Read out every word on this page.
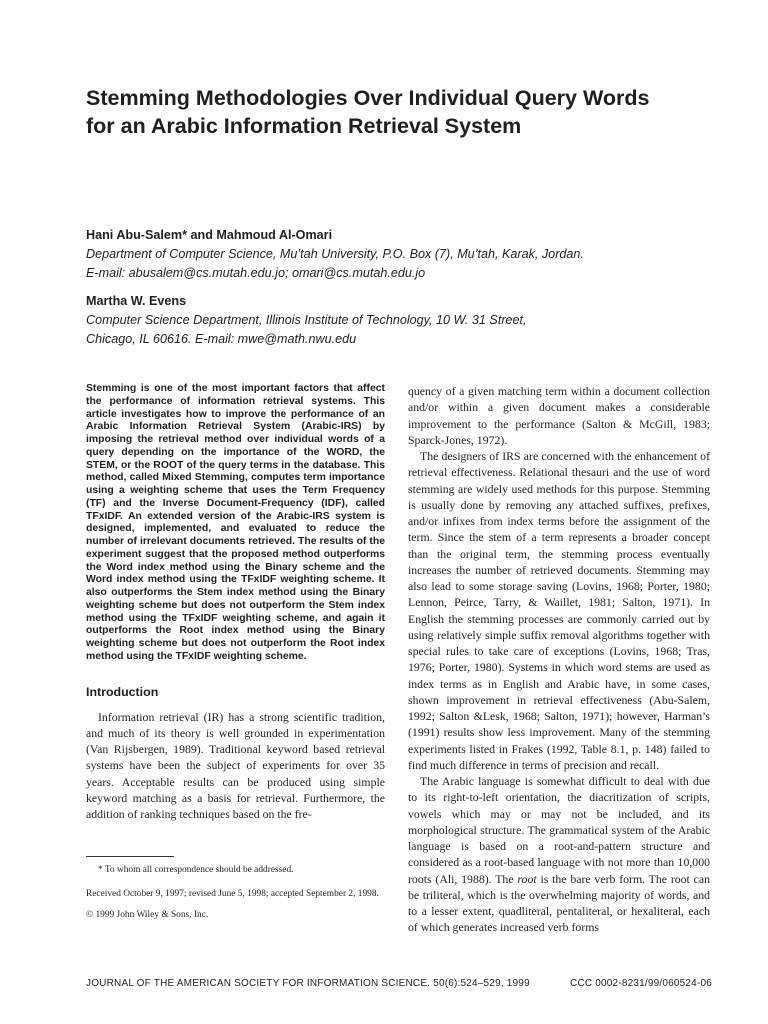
Stemming Methodologies Over Individual Query Words
for an Arabic Information Retrieval System
Hani Abu-Salem* and Mahmoud Al-Omari
Department of Computer Science, Mu’tah University, P.O. Box (7), Mu’tah, Karak, Jordan.
E-mail: abusalem@cs.mutah.edu.jo; omari@cs.mutah.edu.jo
Martha W. Evens
Computer Science Department, Illinois Institute of Technology, 10 W. 31 Street,
Chicago, IL 60616. E-mail: mwe@math.nwu.edu

Stemming is one of the most important factors that affect the performance of information retrieval systems. This article investigates how to improve the performance of an Arabic Information Retrieval System (Arabic-IRS) by imposing the retrieval method over individual words of a query depending on the importance of the WORD, the STEM, or the ROOT of the query terms in the database. This method, called Mixed Stemming, computes term importance using a weighting scheme that uses the Term Frequency (TF) and the Inverse Document-Frequency (IDF), called TFxIDF. An extended version of the Arabic-IRS system is designed, implemented, and evaluated to reduce the number of irrelevant documents retrieved. The results of the experiment suggest that the proposed method outperforms the Word index method using the Binary scheme and the Word index method using the TFxIDF weighting scheme. It also outperforms the Stem index method using the Binary weighting scheme but does not outperform the Stem index method using the TFxIDF weighting scheme, and again it outperforms the Root index method using the Binary weighting scheme but does not outperform the Root index method using the TFxIDF weighting scheme.

Introduction

Information retrieval (IR) has a strong scientific tradition, and much of its theory is well grounded in experimentation (Van Rijsbergen, 1989). Traditional keyword based retrieval systems have been the subject of experiments for over 35 years. Acceptable results can be produced using simple keyword matching as a basis for retrieval. Furthermore, the addition of ranking techniques based on the fre-

quency of a given matching term within a document collection and/or within a given document makes a considerable improvement to the performance (Salton & McGill, 1983; Sparck-Jones, 1972).

The designers of IRS are concerned with the enhancement of retrieval effectiveness. Relational thesauri and the use of word stemming are widely used methods for this purpose. Stemming is usually done by removing any attached suffixes, prefixes, and/or infixes from index terms before the assignment of the term. Since the stem of a term represents a broader concept than the original term, the stemming process eventually increases the number of retrieved documents. Stemming may also lead to some storage saving (Lovins, 1968; Porter, 1980; Lennon, Peirce, Tarry, & Waillet, 1981; Salton, 1971). In English the stemming processes are commonly carried out by using relatively simple suffix removal algorithms together with special rules to take care of exceptions (Lovins, 1968; Tras, 1976; Porter, 1980). Systems in which word stems are used as index terms as in English and Arabic have, in some cases, shown improvement in retrieval effectiveness (Abu-Salem, 1992; Salton &Lesk, 1968; Salton, 1971); however, Harman’s (1991) results show less improvement. Many of the stemming experiments listed in Frakes (1992, Table 8.1, p. 148) failed to find much difference in terms of precision and recall.

The Arabic language is somewhat difficult to deal with due to its right-to-left orientation, the diacritization of scripts, vowels which may or may not be included, and its morphological structure. The grammatical system of the Arabic language is based on a root-and-pattern structure and considered as a root-based language with not more than 10,000 roots (Ali, 1988). The root is the bare verb form. The root can be triliteral, which is the overwhelming majority of words, and to a lesser extent, quadliteral, pentaliteral, or hexaliteral, each of which generates increased verb forms

* To whom all correspondence should be addressed.

Received October 9, 1997; revised June 5, 1998; accepted September 2, 1998.

© 1999 John Wiley & Sons, Inc.

JOURNAL OF THE AMERICAN SOCIETY FOR INFORMATION SCIENCE. 50(6):524–529, 1999	CCC 0002-8231/99/060524-06
